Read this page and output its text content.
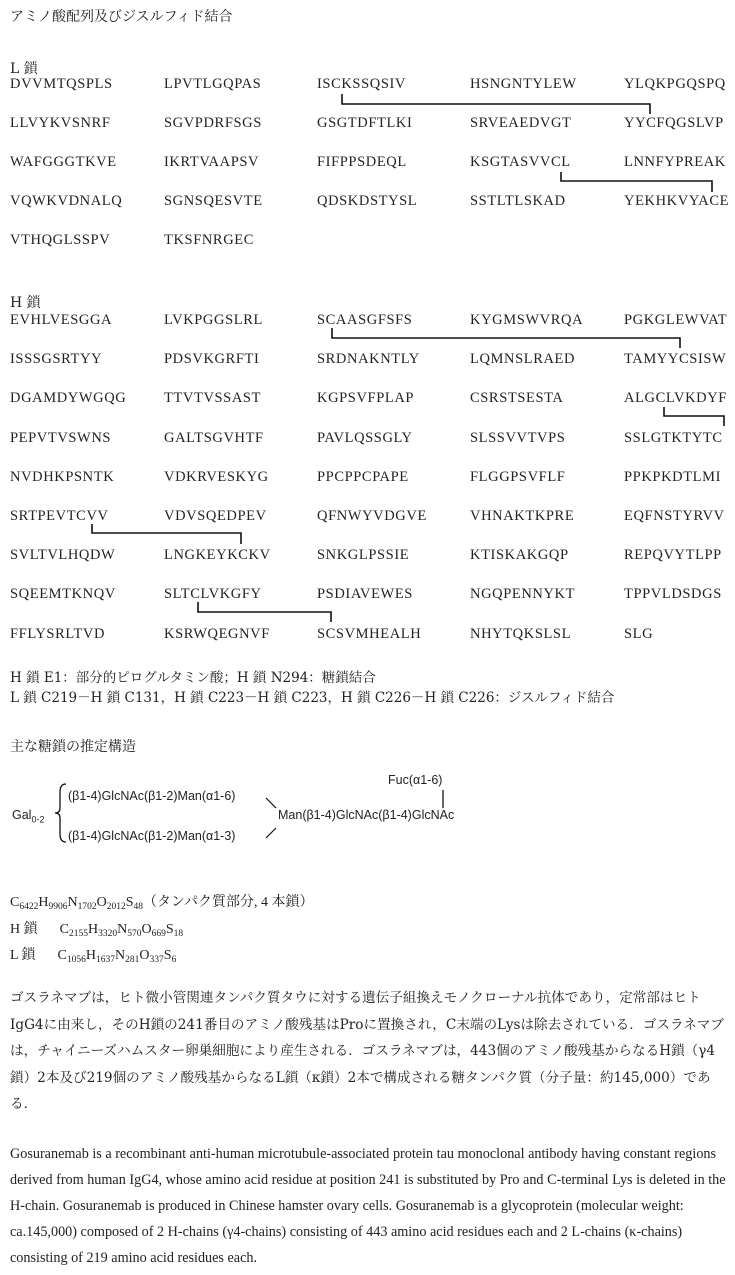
アミノ酸配列及びジスルフィド結合
L 鎖
DVVMTQSPLS	LPVTLGQPAS	ISCKSSQSIV	HSNGNTYLEW	YLQKPGQSPQ
LLVYKVSNRF	SGVPDRFSGS	GSGTDFTLKI	SRVEAEDVGT	YYCFQGSLVP
WAFGGGTKVE	IKRTVAAPSV	FIFPPSDEQL	KSGTASVVCL	LNNFYPREAK
VQWKVDNALQ	SGNSQESVTE	QDSKDSTYSL	SSTLTLSKAD	YEKHKVYACE
VTHQGLSSPV	TKSFNRGEC
H 鎖
EVHLVESGGA	LVKPGGSLRL	SCAASGFSFS	KYGMSWVRQA	PGKGLEWVAT
ISSSGSRTYY	PDSVKGRFTI	SRDNAKNTLY	LQMNSLRAED	TAMYYCSISW
DGAMDYWGQG	TTVTVSSAST	KGPSVFPLAP	CSRSTSESTA	ALGCLVKDYF
PEPVTVSWNS	GALTSGVHTF	PAVLQSSGLY	SLSSVVTVPS	SSLGTKTYTC
NVDHKPSNTK	VDKRVESKYG	PPCPPCPAPE	FLGGPSVFLF	PPKPKDTLMI
SRTPEVTCVV	VDVSQEDPEV	QFNWYVDGVE	VHNAKTKPRE	EQFNSTYRVV
SVLTVLHQDW	LNGKEYKCKV	SNKGLPSSIE	KTISKAKGQP	REPQVYTLPP
SQEEMTKNQV	SLTCLVKGFY	PSDIAVEWES	NGQPENNYKT	TPPVLDSDGS
FFLYSRLTVD	KSRWQEGNVF	SCSVMHEALH	NHYTQKSLSL	SLG
H 鎖 E1：部分的ピログルタミン酸；H 鎖 N294：糖鎖結合
L 鎖 C219－H 鎖 C131，H 鎖 C223－H 鎖 C223，H 鎖 C226－H 鎖 C226：ジスルフィド結合
主な糖鎖の推定構造
Gal$_{0-2}$
(β1-4)GlcNAc(β1-2)Man(α1-6)
(β1-4)GlcNAc(β1-2)Man(α1-3)
Man(β1-4)GlcNAc(β1-4)GlcNAc
Fuc(α1-6)
$C_{6422}H_{9906}N_{1702}O_{2012}S_{48}$（タンパク質部分, 4 本鎖）
H 鎖 $C_{2155}H_{3320}N_{570}O_{669}S_{18}$
L 鎖 $C_{1056}H_{1637}N_{281}O_{337}S_6$
ゴスラネマブは，ヒト微小管関連タンパク質タウに対する遺伝子組換えモノクローナル抗体であり，定常部はヒトIgG4に由来し，そのH鎖の241番目のアミノ酸残基はProに置換され，C末端のLysは除去されている．ゴスラネマブは，チャイニーズハムスター卵巣細胞により産生される．ゴスラネマブは，443個のアミノ酸残基からなるH鎖（γ4鎖）2本及び219個のアミノ酸残基からなるL鎖（κ鎖）2本で構成される糖タンパク質（分子量：約145,000）である．
Gosuranemab is a recombinant anti-human microtubule-associated protein tau monoclonal antibody having constant regions derived from human IgG4, whose amino acid residue at position 241 is substituted by Pro and C-terminal Lys is deleted in the H-chain. Gosuranemab is produced in Chinese hamster ovary cells. Gosuranemab is a glycoprotein (molecular weight: ca.145,000) composed of 2 H-chains (γ4-chains) consisting of 443 amino acid residues each and 2 L-chains (κ-chains) consisting of 219 amino acid residues each.
